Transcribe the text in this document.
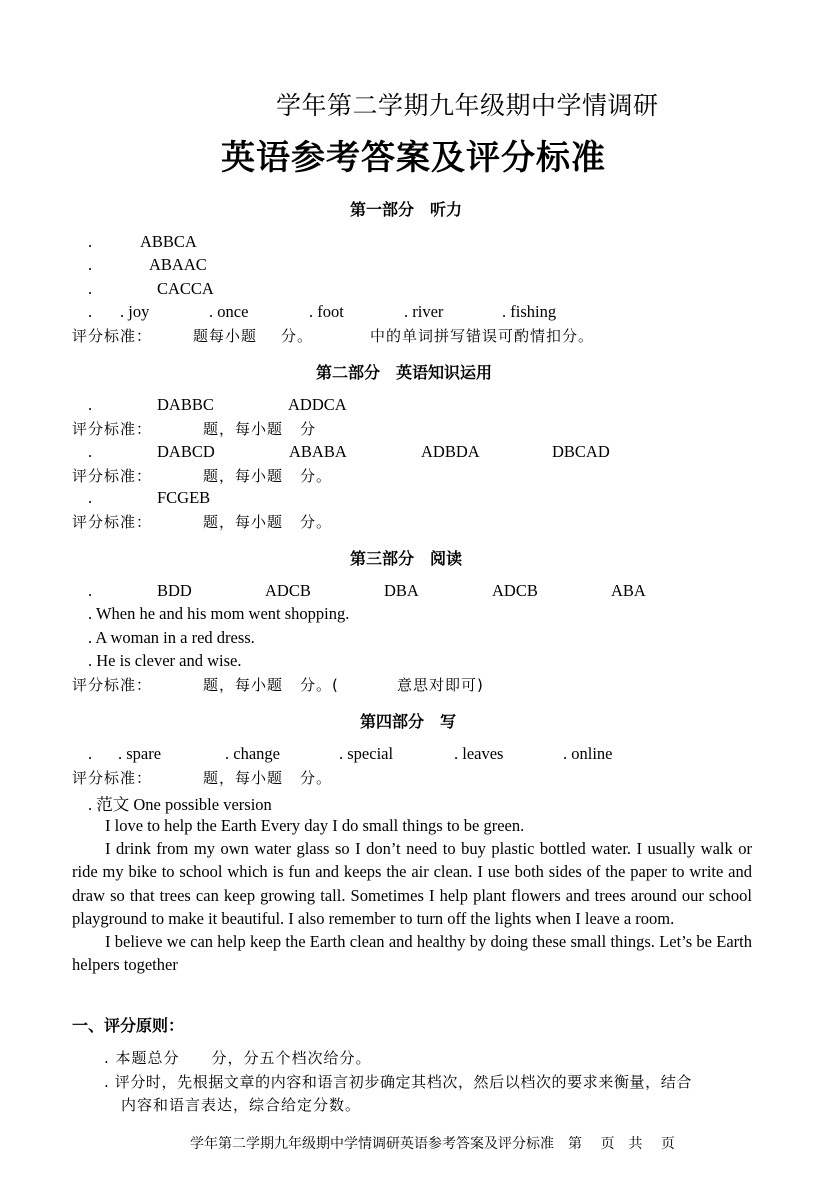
学年第二学期九年级期中学情调研
英语参考答案及评分标准
第一部分　听力
.	ABBCA
.	ABAAC
.	CACCA
. . joy	. once	. foot	. river	. fishing
评分标准：	题每小题 分。	中的单词拼写错误可酌情扣分。
第二部分　英语知识运用
.	DABBC	ADDCA
评分标准：	题，每小题 分
.	DABCD	ABABA	ADBDA	DBCAD
评分标准：	题，每小题 分。
.	FCGEB
评分标准：	题，每小题 分。
第三部分　阅读
.	BDD	ADCB	DBA	ADCB	ABA
. When he and his mom went shopping.
. A woman in a red dress.
. He is clever and wise.
评分标准：	题，每小题 分。(	意思对即可)
第四部分　写
. . spare	. change	. special	. leaves	. online
评分标准：	题，每小题 分。
. 范文 One possible version

I love to help the Earth Every day I do small things to be green.

I drink from my own water glass so I don’t need to buy plastic bottled water. I usually walk or ride my bike to school which is fun and keeps the air clean. I use both sides of the paper to write and draw so that trees can keep growing tall. Sometimes I help plant flowers and trees around our school playground to make it beautiful. I also remember to turn off the lights when I leave a room.

I believe we can help keep the Earth clean and healthy by doing these small things. Let’s be Earth helpers together

一、评分原则：
. 本题总分　　分，分五个档次给分。
. 评分时，先根据文章的内容和语言初步确定其档次，然后以档次的要求来衡量，结合
内容和语言表达，综合给定分数。
学年第二学期九年级期中学情调研英语参考答案及评分标准　第　 页　共　 页
